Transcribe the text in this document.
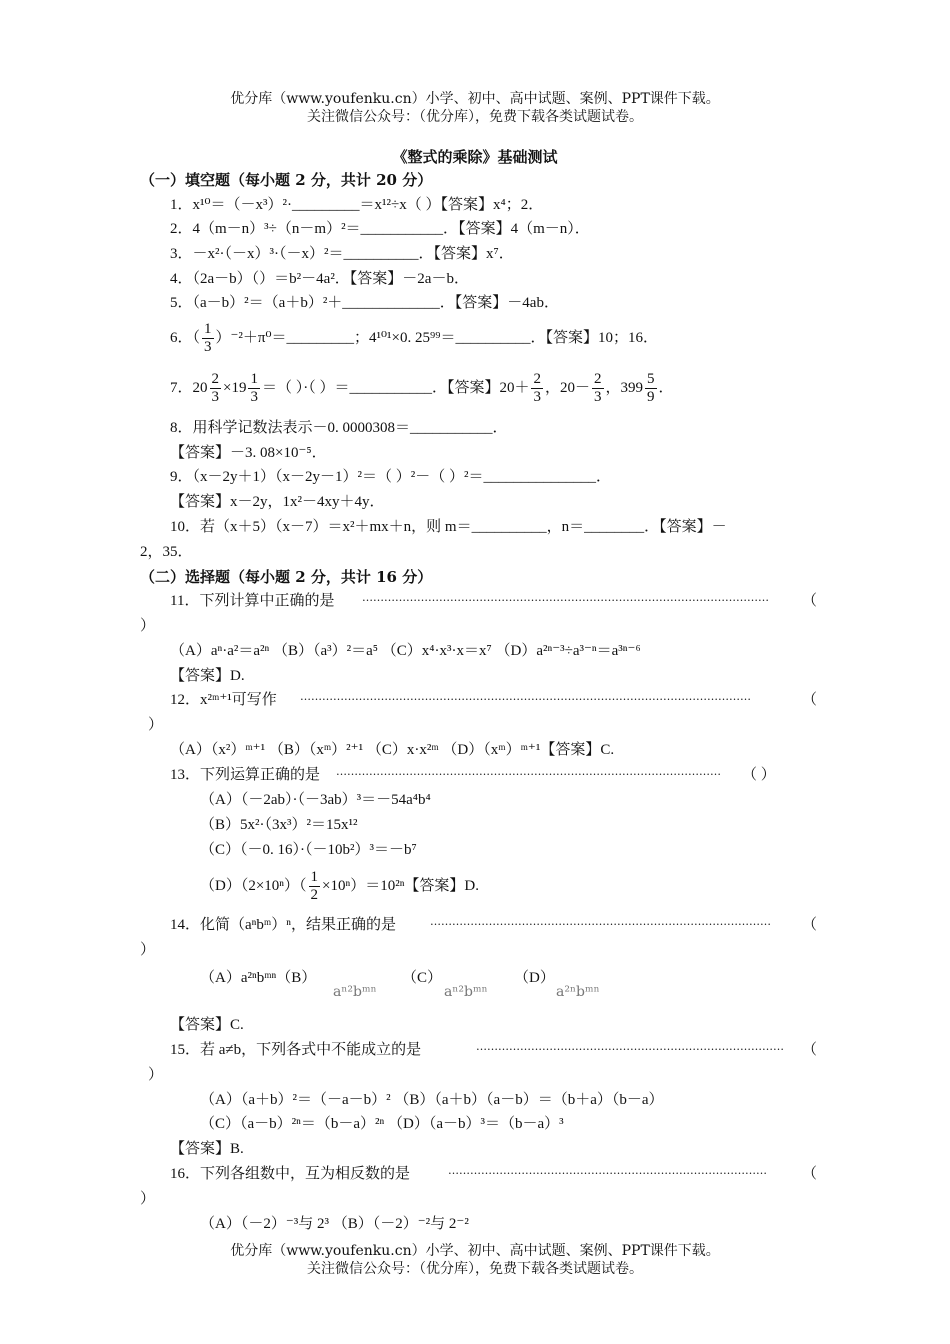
优分库（www.youfenku.cn）小学、初中、高中试题、案例、PPT课件下载。
关注微信公众号：（优分库），免费下载各类试题试卷。
《整式的乘除》基础测试
（一）填空题（每小题 2 分，共计 20 分）
1．x¹⁰＝（－x³）²·_________＝x¹²÷x（ ）【答案】x⁴；2．
2．4（m－n）³÷（n－m）²＝___________．【答案】4（m－n）．
3．－x²·（－x）³·（－x）²＝__________．【答案】x⁷．
4．（2a－b）（）＝b²－4a²．【答案】－2a－b．
5．（a－b）²＝（a＋b）²＋_____________．【答案】－4ab．
6．（ $\frac{1}{3}$ ）⁻²＋π⁰＝_________；4¹⁰¹×0. 25⁹⁹＝__________．【答案】10；16．
7．$20 \frac{2}{3} \times 19 \frac{1}{3}$ ＝（ ）·（ ）＝___________．【答案】$20+ \frac{2}{3}$ ，$20- \frac{2}{3}$ ，$399 \frac{5}{9}$ ．
8．用科学记数法表示－0. 0000308＝___________．
【答案】－3. 08×10⁻⁵．
9．（x－2y＋1）（x－2y－1）²＝（ ）²－（ ）²＝_______________．
【答案】x－2y，1x²－4xy＋4y．
10．若（x＋5）（x－7）＝x²＋mx＋n，则 m＝__________，n＝________．【答案】－
2，35．
（二）选择题（每小题 2 分，共计 16 分）
11．下列计算中正确的是	…………………………………………………………………………………………………	（
）
（A）aⁿ·a²＝a²ⁿ （B）（a³）²＝a⁵ （C）x⁴·x³·x＝x⁷ （D）a²ⁿ⁻³÷a³⁻ⁿ＝a³ⁿ⁻⁶
【答案】D.
12．x²ᵐ⁺¹可写作 ……………………………………………………………………………………………………………	（
）
（A）（x²）ᵐ⁺¹ （B）（xᵐ）²⁺¹ （C）x·x²ᵐ （D）（xᵐ）ᵐ⁺¹【答案】C.
13．下列运算正确的是 ……………………………………………………………………………………………	（ ）
（A）（－2ab）·（－3ab）³＝－54a⁴b⁴
（B）5x²·（3x³）²＝15x¹²
（C）（－0. 16）·（－10b²）³＝－b⁷
$(D)(2\times 10^n)( \frac{1}{2} \times 10^n)=10^{2n}$【答案】D.
14．化简（aⁿbᵐ）ⁿ，结果正确的是	…………………………………………………………………………………	（
）
（A）a²ⁿbᵐⁿ（B）
aⁿ²bᵐⁿ
（C）
aⁿ²bᵐⁿ
（D）
a²ⁿbᵐⁿ
【答案】C.
15．若 a≠b，下列各式中不能成立的是	…………………………………………………………………………	（
）
（A）（a＋b）²＝（－a－b）² （B）（a＋b）（a－b）＝（b＋a）（b－a）
（C）（a－b）²ⁿ＝（b－a）²ⁿ （D）（a－b）³＝（b－a）³
【答案】B.
16．下列各组数中，互为相反数的是	……………………………………………………………………………	（
）
（A）（－2）⁻³与 2³ （B）（－2）⁻²与 2⁻²
优分库（www.youfenku.cn）小学、初中、高中试题、案例、PPT课件下载。
关注微信公众号：（优分库），免费下载各类试题试卷。
